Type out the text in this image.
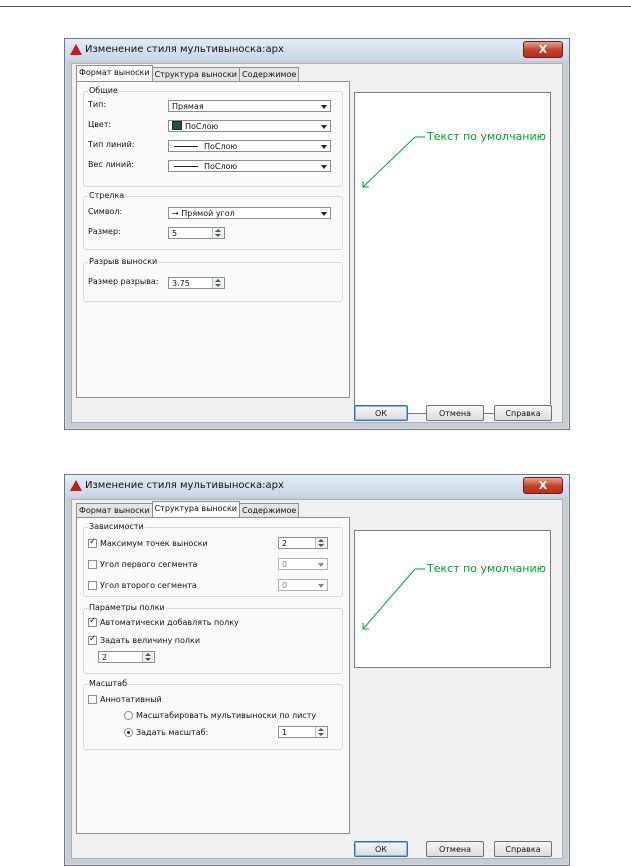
Изменение стиля мультивыноска:арх	X
Формат выноски Структура выноски Содержимое
Общие
Тип:	Прямая
Цвет:	ПоСлою
Тип линий:	ПоСлою
Вес линий:	ПоСлою
Стрелка
Символ:	→ Прямой угол
Размер:	5
Разрыв выноски
Размер разрыва:	3.75
Текст по умолчанию
ОК	Отмена	Справка
Изменение стиля мультивыноска:арх	X
Формат выноски Структура выноски Содержимое
Зависимости
✓
Максимум точек выноски	2
Угол первого сегмента	0
Угол второго сегмента	0
Параметры полки
✓
Автоматически добавлять полку
✓
Задать величину полки
2
Масштаб
Аннотативный
Масштабировать мультивыноски по листу
Задать масштаб:	1
Текст по умолчанию
ОК	Отмена	Справка
